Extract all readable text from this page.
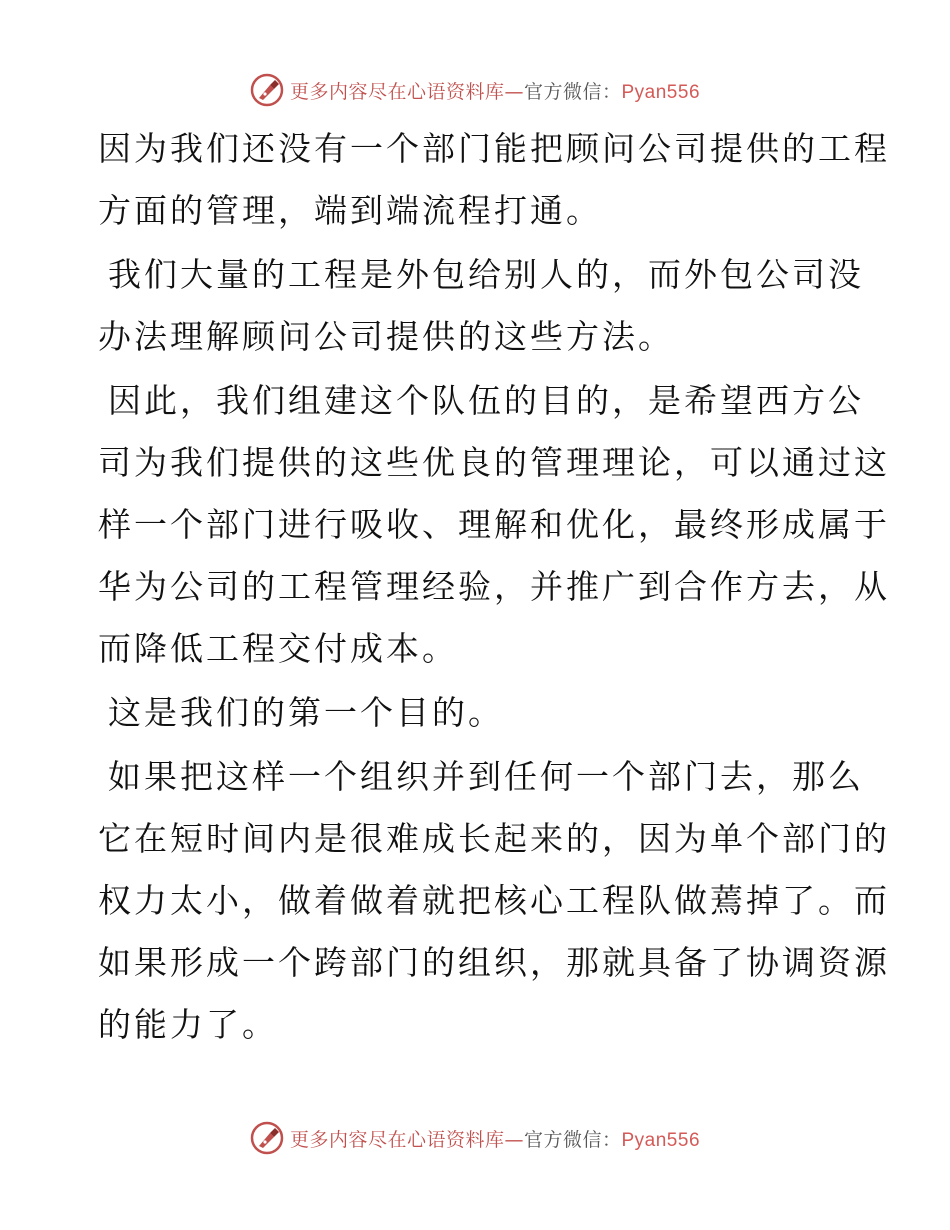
更多内容尽在心语资料库—官方微信：Pyan556

因为我们还没有一个部门能把顾问公司提供的工程
方面的管理，端到端流程打通。

我们大量的工程是外包给别人的，而外包公司没
办法理解顾问公司提供的这些方法。

因此，我们组建这个队伍的目的，是希望西方公
司为我们提供的这些优良的管理理论，可以通过这
样一个部门进行吸收、理解和优化，最终形成属于
华为公司的工程管理经验，并推广到合作方去，从
而降低工程交付成本。

这是我们的第一个目的。

如果把这样一个组织并到任何一个部门去，那么
它在短时间内是很难成长起来的，因为单个部门的
权力太小，做着做着就把核心工程队做蔫掉了。而
如果形成一个跨部门的组织，那就具备了协调资源
的能力了。

更多内容尽在心语资料库—官方微信：Pyan556
